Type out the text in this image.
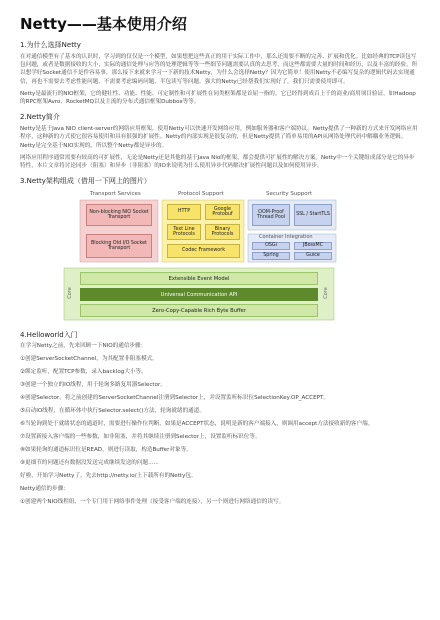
Netty——基本使用介绍
1.为什么选择Netty
在对通信模型有了基本的认识时，学习到的仅仅是一个模型，如果想把这些真正的用于实际工作中，那么还需要不断的完善、扩展和优化。比如经典的TCP读包写包问题，或者是数据接收的大小，实际的通信处理与应答的处理逻辑等等一些细节问题需要认真的去思考，而这些都需要大量的时间和经历，以及丰富的经验。所以想学好Socket通信不是件容易事，那么接下来就来学习一下新的技术Netty，为什么会选择Netty？因为它简单！使用Netty不必编写复杂的逻辑代码去实现通信，再也不需要去考虑性能问题，不需要考虑编码问题，半包读写等问题。强大的Netty已经帮我们实现好了，我们只需要使用即可。
Netty是最流行的NIO框架，它的健壮性、功能、性能、可定制性和可扩展性在同类框架都是首屈一指的。它已经得到成百上千的商业/商用项目验证，如Hadoop的RPC框架Avro、RocketMQ以及主流的分布式通信框架Dubbox等等。
2.Netty简介
Netty是基于Java NIO client-server的网络应用框架，使用Netty可以快速开发网络应用，例如服务器和客户端协议。Netty提供了一种新的方式来开发网络应用程序，这种新的方式使它很容易使用和具有很强的扩展性。Netty的内部实现是很复杂的，但是Netty提供了简单易用的API从网络处理代码中解耦业务逻辑。Netty是完全基于NIO实现的，所以整个Netty都是异步的。
网络应用程序通常需要有较高的可扩展性，无论是Netty还是其他的基于Java Nio的框架，都会提供可扩展性的解决方案。Netty中一个关键组成部分是它的异步特性，本片文章将讨论同步（阻塞）和异步（非阻塞）的IO来说明为什么使用异步代码解决扩展性问题以及如何使用异步。
3.Netty架构组成（借用一下网上的图片）
Transport Services	Protocol Support	Security Support
Container Integration
Non-blocking NIO Socket Transport
Blocking Old I/O Socket Transport
HTTP
Google Protobuf
Text Line Protocols
Binary Protocols
Codec Framework
OOM-Proof Thread Pool
SSL / StartTLS
OSGi	JBossMC
Spring	Guice
Extensible Event Model
Universal Communication API
Zero-Copy-Capable Rich Byte Buffer
Core	Core
4.Helloworld入门
在学习Netty之前，先来回顾一下NIO的通信步骤：
①创建ServerSocketChannel，为其配置非阻塞模式。
②绑定监听，配置TCP参数，录入backlog大小等。
③创建一个独立的IO线程，用于轮询多路复用器Selector。
④创建Selector，将之前创建的ServerSocketChannel注册到Selector上，并设置监听标识位SelectionKey.OP_ACCEPT。
⑤启动IO线程，在循环体中执行Selector.select()方法，轮询就绪的通道。
⑥当轮询到处于就绪状态的通道时，需要进行操作位判断，如果是ACCEPT状态，说明是新的客户端接入，则调用accept方法接收新的客户端。
⑦设置新接入客户端的一些参数，如非阻塞，并将其继续注册到Selector上，设置监听标识位等。
⑧如果轮询的通道标识位是READ，则进行读取，构造Buffer对象等。
⑨更细节的问题还有数据没发送完成继续发送的问题......
好啦，开始学习Netty了。先去http://netty.io/上下载所有的Netty包。
Netty通信的步骤：
①创建两个NIO线程组，一个专门用于网络事件处理（接受客户端的连接），另一个则进行网络通信的读写。
